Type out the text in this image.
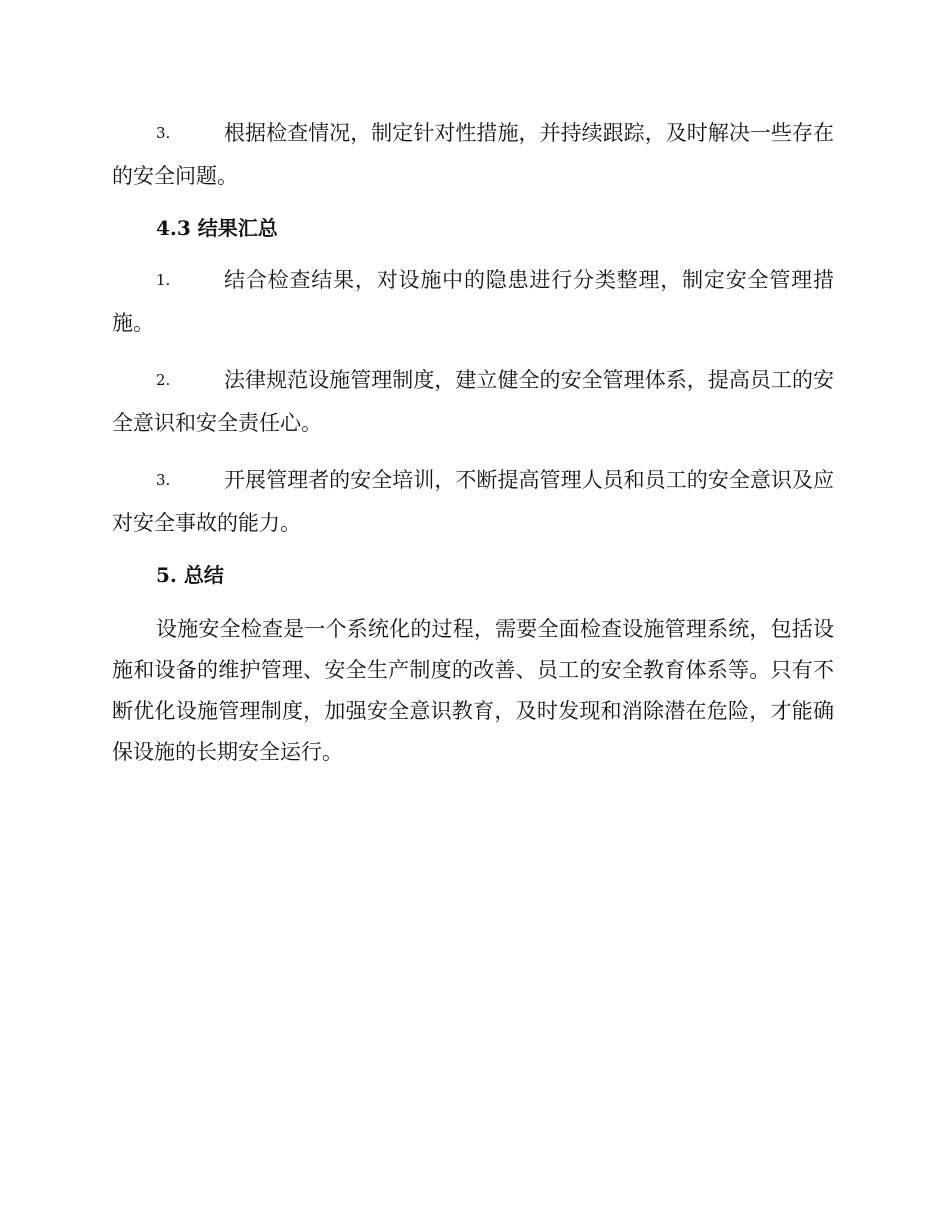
3.	根据检查情况，制定针对性措施，并持续跟踪，及时解决一些存在的安全问题。

4.3 结果汇总

1.	结合检查结果，对设施中的隐患进行分类整理，制定安全管理措施。

2.	法律规范设施管理制度，建立健全的安全管理体系，提高员工的安全意识和安全责任心。

3.	开展管理者的安全培训，不断提高管理人员和员工的安全意识及应对安全事故的能力。

5. 总结

设施安全检查是一个系统化的过程，需要全面检查设施管理系统，包括设施和设备的维护管理、安全生产制度的改善、员工的安全教育体系等。只有不断优化设施管理制度，加强安全意识教育，及时发现和消除潜在危险，才能确保设施的长期安全运行。
